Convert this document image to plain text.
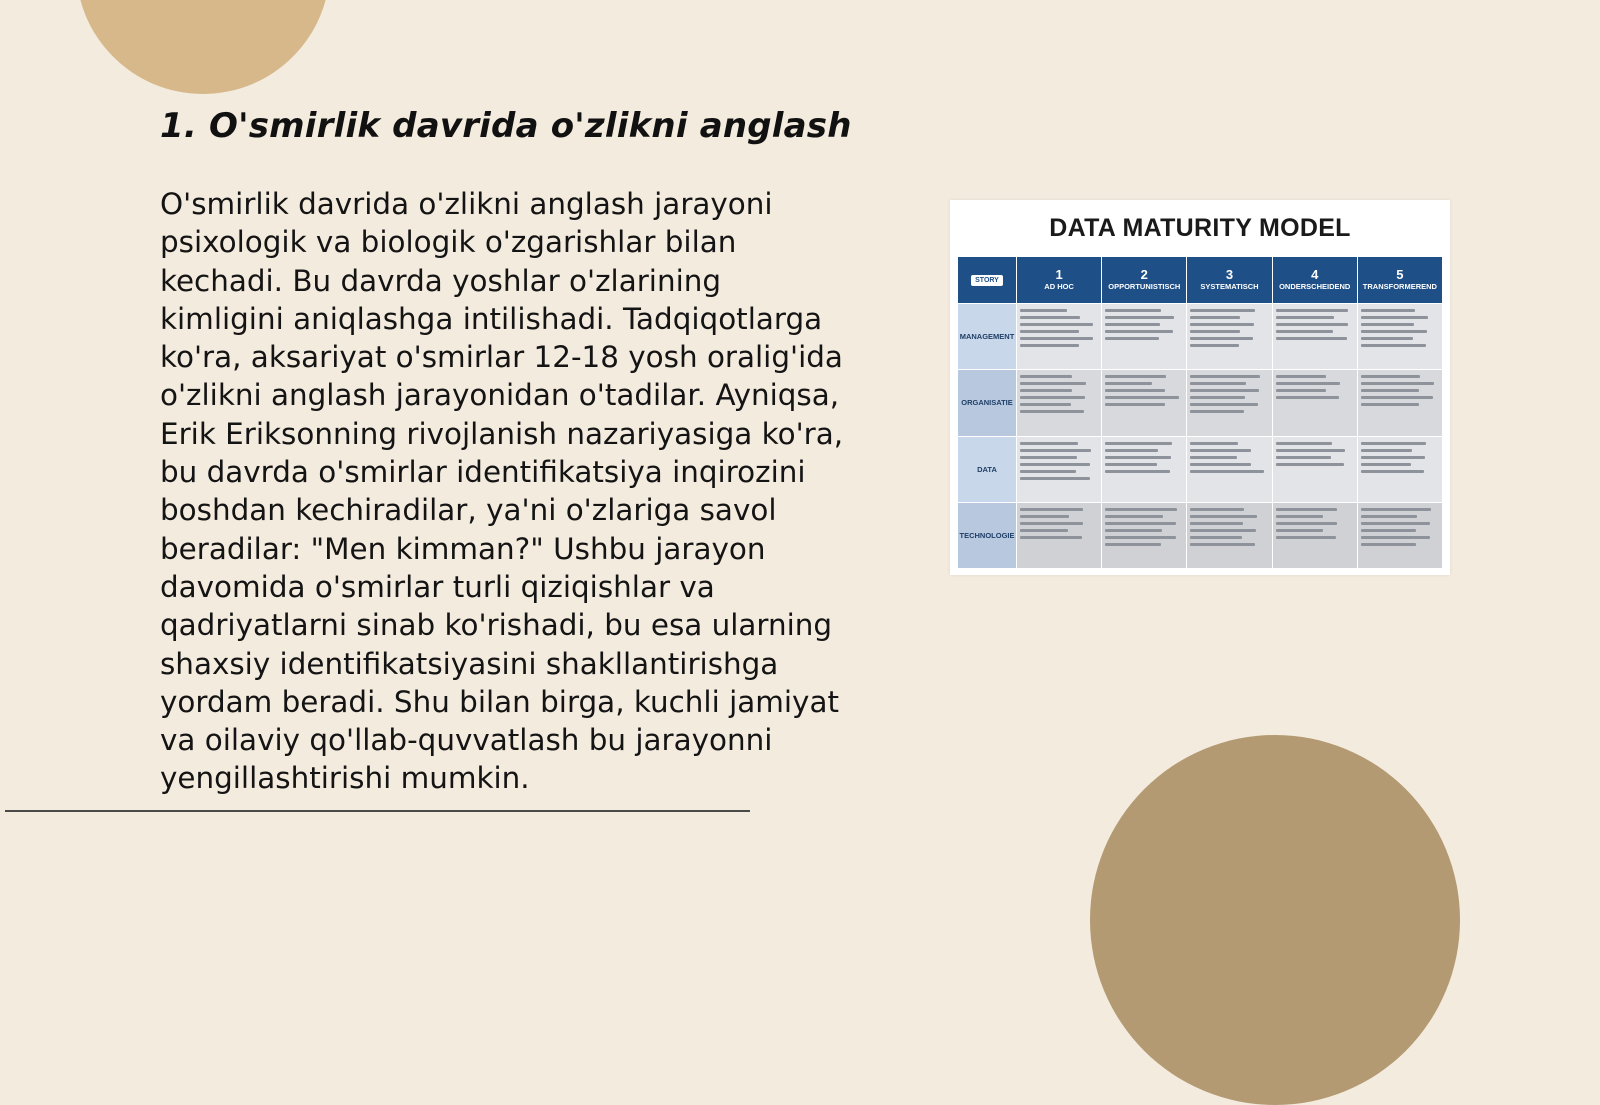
1. O'smirlik davrida o'zlikni anglash

O'smirlik davrida o'zlikni anglash jarayoni psixologik va biologik o'zgarishlar bilan kechadi. Bu davrda yoshlar o'zlarining kimligini aniqlashga intilishadi. Tadqiqotlarga ko'ra, aksariyat o'smirlar 12-18 yosh oralig'ida o'zlikni anglash jarayonidan o'tadilar. Ayniqsa, Erik Eriksonning rivojlanish nazariyasiga ko'ra, bu davrda o'smirlar identifikatsiya inqirozini boshdan kechiradilar, ya'ni o'zlariga savol beradilar: "Men kimman?" Ushbu jarayon davomida o'smirlar turli qiziqishlar va qadriyatlarni sinab ko'rishadi, bu esa ularning shaxsiy identifikatsiyasini shakllantirishga yordam beradi. Shu bilan birga, kuchli jamiyat va oilaviy qo'llab-quvvatlash bu jarayonni yengillashtirishi mumkin.

DATA MATURITY MODEL
STORY	1
AD HOC
2
OPPORTUNISTISCH
3
SYSTEMATISCH
4
ONDERSCHEIDEND
5
TRANSFORMEREND
MANAGEMENT
ORGANISATIE
DATA
TECHNOLOGIE
